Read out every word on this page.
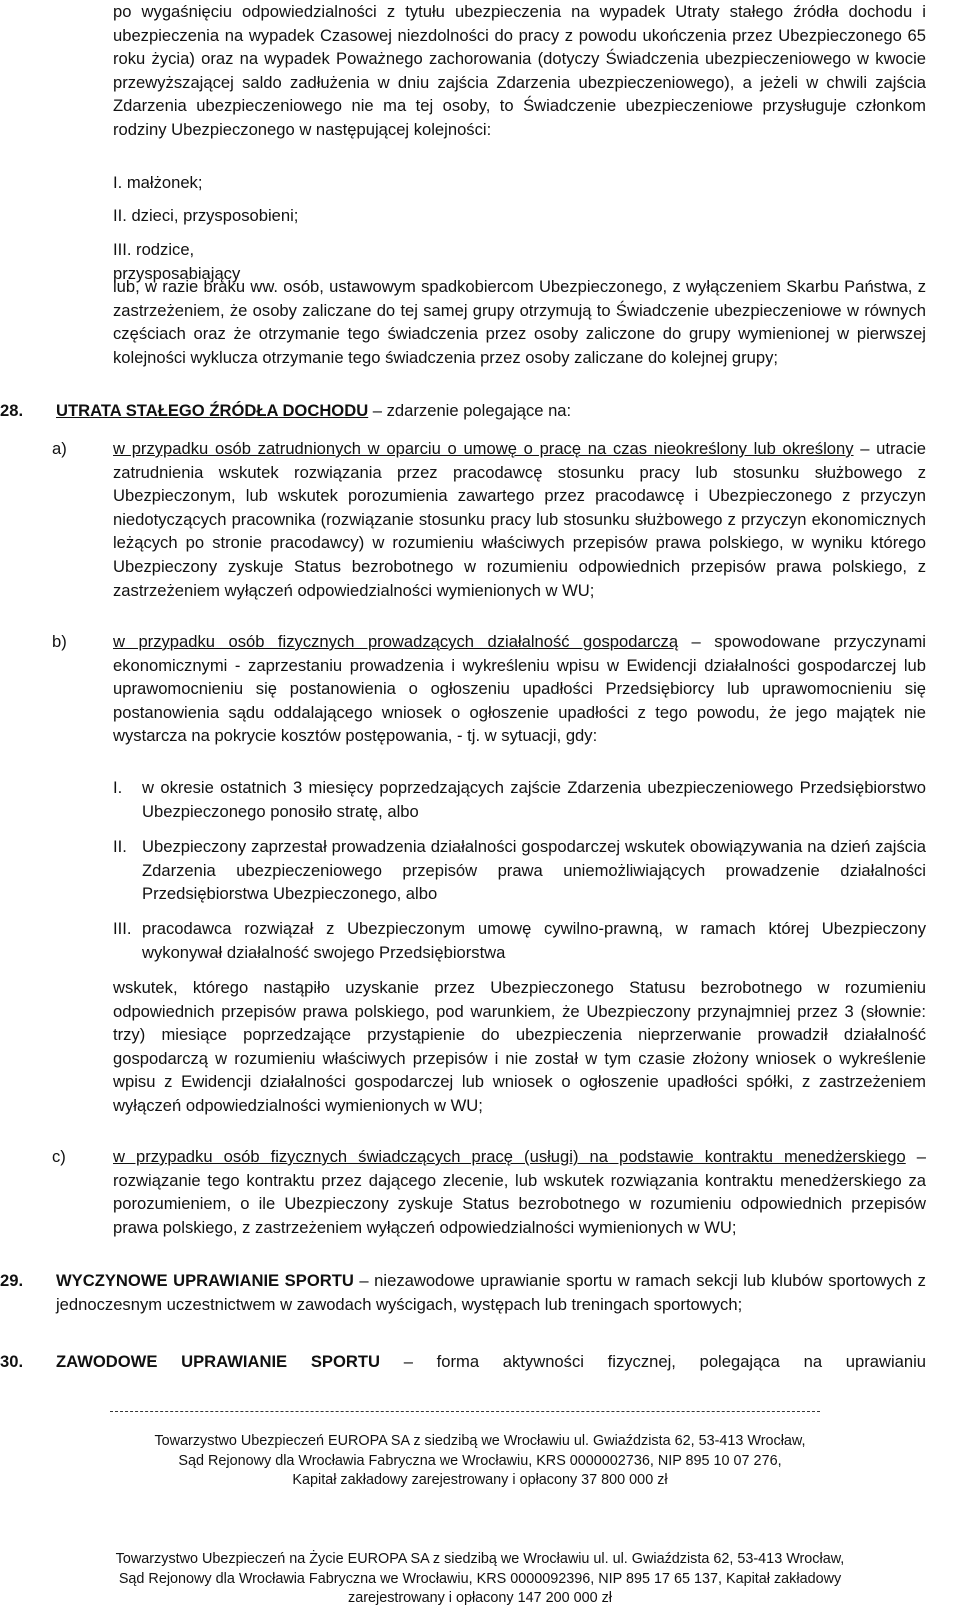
po wygaśnięciu odpowiedzialności z tytułu ubezpieczenia na wypadek Utraty stałego źródła dochodu i ubezpieczenia na wypadek Czasowej niezdolności do pracy z powodu ukończenia przez Ubezpieczonego 65 roku życia) oraz na wypadek Poważnego zachorowania (dotyczy Świadczenia ubezpieczeniowego w kwocie przewyższającej saldo zadłużenia w dniu zajścia Zdarzenia ubezpieczeniowego), a jeżeli w chwili zajścia Zdarzenia ubezpieczeniowego nie ma tej osoby, to Świadczenie ubezpieczeniowe przysługuje członkom rodziny Ubezpieczonego w następującej kolejności:

I. małżonek;
II. dzieci, przysposobieni;
III. rodzice, przysposabiający

lub, w razie braku ww. osób, ustawowym spadkobiercom Ubezpieczonego, z wyłączeniem Skarbu Państwa, z zastrzeżeniem, że osoby zaliczane do tej samej grupy otrzymują to Świadczenie ubezpieczeniowe w równych częściach oraz że otrzymanie tego świadczenia przez osoby zaliczone do grupy wymienionej w pierwszej kolejności wyklucza otrzymanie tego świadczenia przez osoby zaliczane do kolejnej grupy;

28. UTRATA STAŁEGO ŹRÓDŁA DOCHODU – zdarzenie polegające na:
a)	w przypadku osób zatrudnionych w oparciu o umowę o pracę na czas nieokreślony lub określony – utracie zatrudnienia wskutek rozwiązania przez pracodawcę stosunku pracy lub stosunku służbowego z Ubezpieczonym, lub wskutek porozumienia zawartego przez pracodawcę i Ubezpieczonego z przyczyn niedotyczących pracownika (rozwiązanie stosunku pracy lub stosunku służbowego z przyczyn ekonomicznych leżących po stronie pracodawcy) w rozumieniu właściwych przepisów prawa polskiego, w wyniku którego Ubezpieczony zyskuje Status bezrobotnego w rozumieniu odpowiednich przepisów prawa polskiego, z zastrzeżeniem wyłączeń odpowiedzialności wymienionych w WU;

b)	w przypadku osób fizycznych prowadzących działalność gospodarczą – spowodowane przyczynami ekonomicznymi - zaprzestaniu prowadzenia i wykreśleniu wpisu w Ewidencji działalności gospodarczej lub uprawomocnieniu się postanowienia o ogłoszeniu upadłości Przedsiębiorcy lub uprawomocnieniu się postanowienia sądu oddalającego wniosek o ogłoszenie upadłości z tego powodu, że jego majątek nie wystarcza na pokrycie kosztów postępowania, - tj. w sytuacji, gdy:

I. w okresie ostatnich 3 miesięcy poprzedzających zajście Zdarzenia ubezpieczeniowego Przedsiębiorstwo Ubezpieczonego ponosiło stratę, albo

II. Ubezpieczony zaprzestał prowadzenia działalności gospodarczej wskutek obowiązywania na dzień zajścia Zdarzenia ubezpieczeniowego przepisów prawa uniemożliwiających prowadzenie działalności Przedsiębiorstwa Ubezpieczonego, albo

III. pracodawca rozwiązał z Ubezpieczonym umowę cywilno-prawną, w ramach której Ubezpieczony wykonywał działalność swojego Przedsiębiorstwa

wskutek, którego nastąpiło uzyskanie przez Ubezpieczonego Statusu bezrobotnego w rozumieniu odpowiednich przepisów prawa polskiego, pod warunkiem, że Ubezpieczony przynajmniej przez 3 (słownie: trzy) miesiące poprzedzające przystąpienie do ubezpieczenia nieprzerwanie prowadził działalność gospodarczą w rozumieniu właściwych przepisów i nie został w tym czasie złożony wniosek o wykreślenie wpisu z Ewidencji działalności gospodarczej lub wniosek o ogłoszenie upadłości spółki, z zastrzeżeniem wyłączeń odpowiedzialności wymienionych w WU;

c)	w przypadku osób fizycznych świadczących pracę (usługi) na podstawie kontraktu menedżerskiego – rozwiązanie tego kontraktu przez dającego zlecenie, lub wskutek rozwiązania kontraktu menedżerskiego za porozumieniem, o ile Ubezpieczony zyskuje Status bezrobotnego w rozumieniu odpowiednich przepisów prawa polskiego, z zastrzeżeniem wyłączeń odpowiedzialności wymienionych w WU;

29. WYCZYNOWE UPRAWIANIE SPORTU – niezawodowe uprawianie sportu w ramach sekcji lub klubów sportowych z jednoczesnym uczestnictwem w zawodach wyścigach, występach lub treningach sportowych;

30. ZAWODOWE UPRAWIANIE SPORTU – forma aktywności fizycznej, polegająca na uprawianiu

Towarzystwo Ubezpieczeń EUROPA SA z siedzibą we Wrocławiu ul. Gwiaździsta 62, 53-413 Wrocław,
Sąd Rejonowy dla Wrocławia Fabryczna we Wrocławiu, KRS 0000002736, NIP 895 10 07 276,
Kapitał zakładowy zarejestrowany i opłacony 37 800 000 zł
Towarzystwo Ubezpieczeń na Życie EUROPA SA z siedzibą we Wrocławiu ul. ul. Gwiaździsta 62, 53-413 Wrocław,
Sąd Rejonowy dla Wrocławia Fabryczna we Wrocławiu, KRS 0000092396, NIP 895 17 65 137, Kapitał zakładowy
zarejestrowany i opłacony 147 200 000 zł
